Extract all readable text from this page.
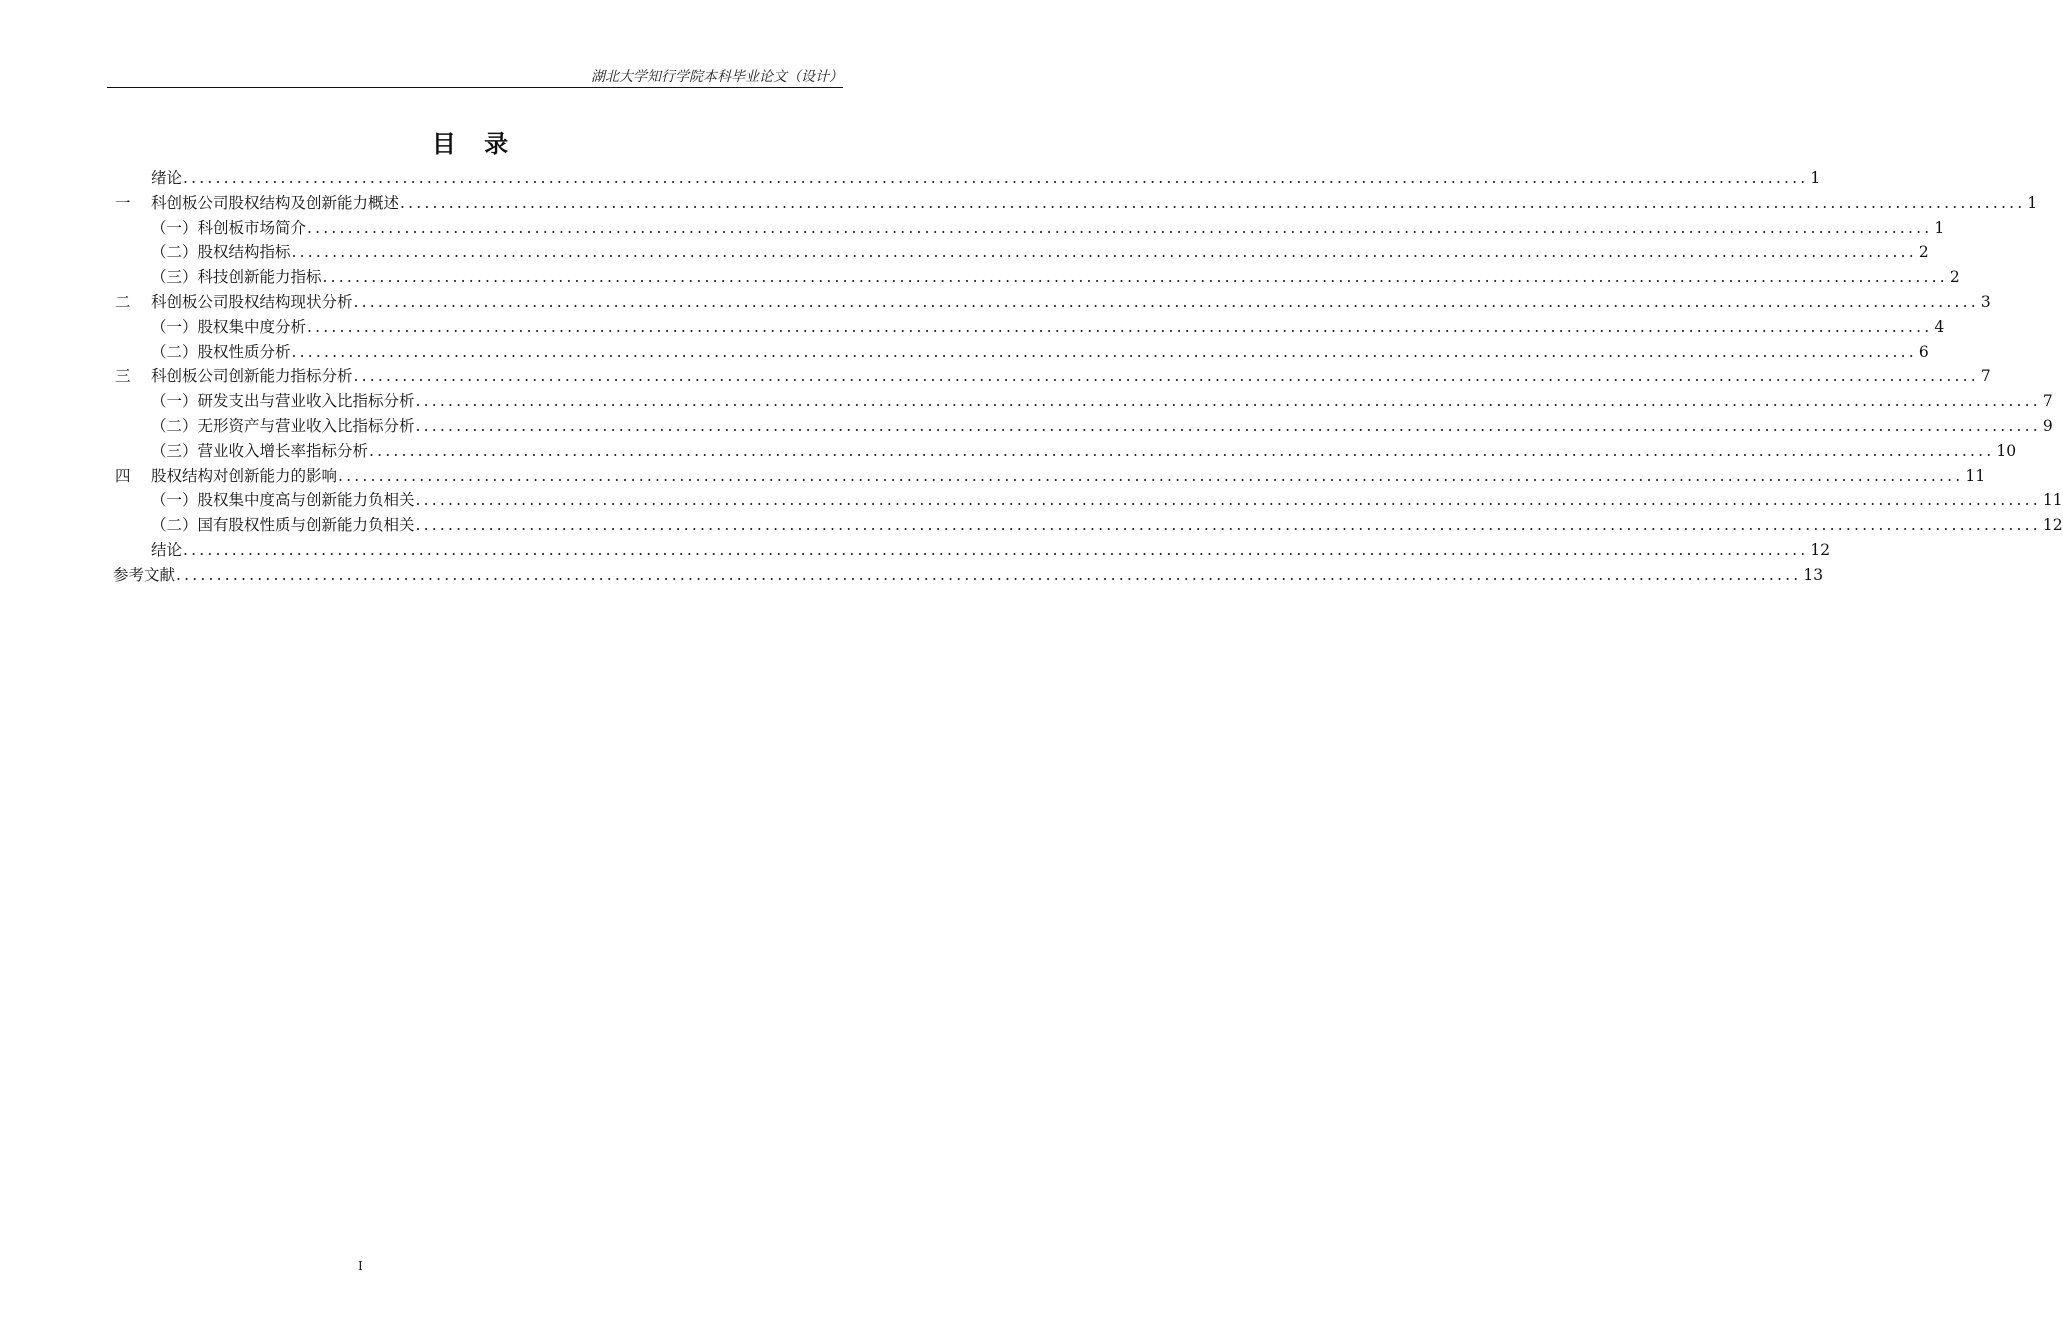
湖北大学知行学院本科毕业论文（设计）
目 录
绪论 ........................................................................................................................................................................................................ 1
一 科创板公司股权结构及创新能力概述 ........................................................................................................................................................................................................ 1
（一）科创板市场简介 ........................................................................................................................................................................................................ 1
（二）股权结构指标 ........................................................................................................................................................................................................ 2
（三）科技创新能力指标 ........................................................................................................................................................................................................ 2
二 科创板公司股权结构现状分析 ........................................................................................................................................................................................................ 3
（一）股权集中度分析 ........................................................................................................................................................................................................ 4
（二）股权性质分析 ........................................................................................................................................................................................................ 6
三 科创板公司创新能力指标分析 ........................................................................................................................................................................................................ 7
（一）研发支出与营业收入比指标分析 ........................................................................................................................................................................................................ 7
（二）无形资产与营业收入比指标分析 ........................................................................................................................................................................................................ 9
（三）营业收入增长率指标分析 ........................................................................................................................................................................................................ 10
四 股权结构对创新能力的影响 ........................................................................................................................................................................................................ 11
（一）股权集中度高与创新能力负相关 ........................................................................................................................................................................................................ 11
（二）国有股权性质与创新能力负相关 ........................................................................................................................................................................................................ 12
结论 ........................................................................................................................................................................................................ 12
参考文献 ........................................................................................................................................................................................................ 13
I
